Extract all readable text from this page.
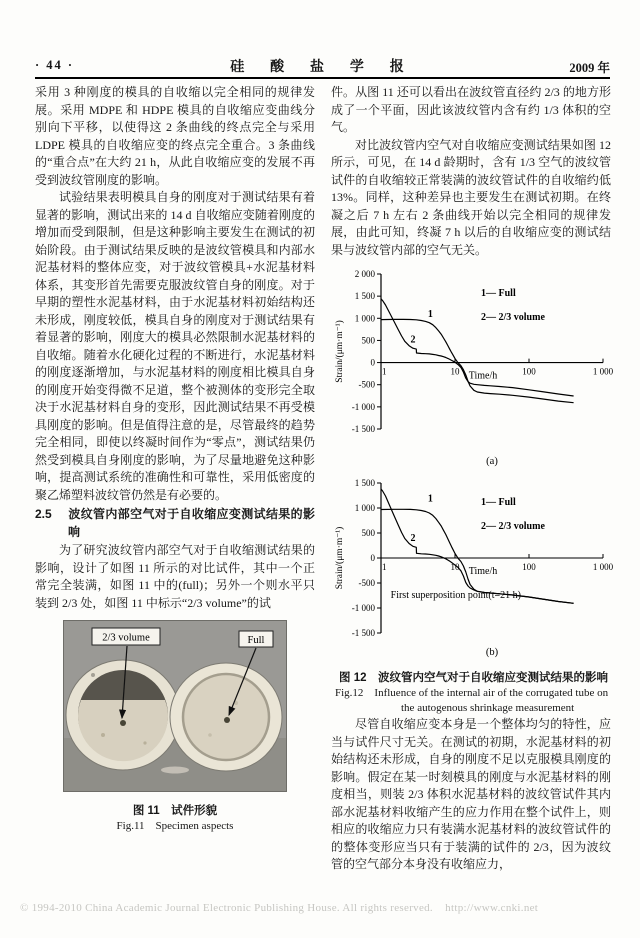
· 44 ·	硅 酸 盐 学 报	2009 年

采用 3 种刚度的模具的自收缩以完全相同的规律发展。采用 MDPE 和 HDPE 模具的自收缩应变曲线分别向下平移，以使得这 2 条曲线的终点完全与采用 LDPE 模具的自收缩应变的终点完全重合。3 条曲线的“重合点”在大约 21 h，从此自收缩应变的发展不再受到波纹管刚度的影响。

试验结果表明模具自身的刚度对于测试结果有着显著的影响，测试出来的 14 d 自收缩应变随着刚度的增加而受到限制，但是这种影响主要发生在测试的初始阶段。由于测试结果反映的是波纹管模具和内部水泥基材料的整体应变，对于波纹管模具+水泥基材料体系，其变形首先需要克服波纹管自身的刚度。对于早期的塑性水泥基材料，由于水泥基材料初始结构还未形成，刚度较低，模具自身的刚度对于测试结果有着显著的影响，刚度大的模具必然限制水泥基材料的自收缩。随着水化硬化过程的不断进行，水泥基材料的刚度逐渐增加，与水泥基材料的刚度相比模具自身的刚度开始变得微不足道，整个被测体的变形完全取决于水泥基材料自身的变形，因此测试结果不再受模具刚度的影响。但是值得注意的是，尽管最终的趋势完全相同，即使以终凝时间作为“零点”，测试结果仍然受到模具自身刚度的影响，为了尽量地避免这种影响，提高测试系统的准确性和可靠性，采用低密度的聚乙烯塑料波纹管仍然是有必要的。

2.5 波纹管内部空气对于自收缩应变测试结果的影响

为了研究波纹管内部空气对于自收缩测试结果的影响，设计了如图 11 所示的对比试件，其中一个正常完全装满，如图 11 中的(full)；另外一个则水平只装到 2/3 处，如图 11 中标示“2/3 volume”的试

2/3 volume	Full
图 11　试件形貌
Fig.11　Specimen aspects

件。从图 11 还可以看出在波纹管直径约 2/3 的地方形成了一个平面，因此该波纹管内含有约 1/3 体积的空气。

对比波纹管内空气对自收缩应变测试结果如图 12 所示，可见，在 14 d 龄期时，含有 1/3 空气的波纹管试件的自收缩较正常装满的波纹管试件的自收缩约低 13%。同样，这种差异也主要发生在测试初期。在终凝之后 7 h 左右 2 条曲线开始以完全相同的规律发展，由此可知，终凝 7 h 以后的自收缩应变的测试结果与波纹管内部的空气无关。

2 000
1 500
1 000
500
0
-500
-1 000
-1 500
1	10	100	1 000
Time/h
Strain/(μm·m⁻¹)
1— Full
2— 2/3 volume
1
2
(a)
1 500
1 000
500
0
-500
-1 000
-1 500
1	10	100	1 000
Time/h
Strain/(μm·m⁻¹)
1— Full
2— 2/3 volume
1
2
First superposition point(t=21 h)
(b)
图 12　波纹管内空气对于自收缩应变测试结果的影响
Fig.12　Influence of the internal air of the corrugated tube on
the autogenous shrinkage measurement

尽管自收缩应变本身是一个整体均匀的特性，应当与试件尺寸无关。在测试的初期，水泥基材料的初始结构还未形成，自身的刚度不足以克服模具刚度的影响。假定在某一时刻模具的刚度与水泥基材料的刚度相当，则装 2/3 体积水泥基材料的波纹管试件其内部水泥基材料收缩产生的应力作用在整个试件上，则相应的收缩应力只有装满水泥基材料的波纹管试件的的整体变形应当只有于装满的试件的 2/3，因为波纹管的空气部分本身没有收缩应力，

© 1994-2010 China Academic Journal Electronic Publishing House. All rights reserved.    http://www.cnki.net
